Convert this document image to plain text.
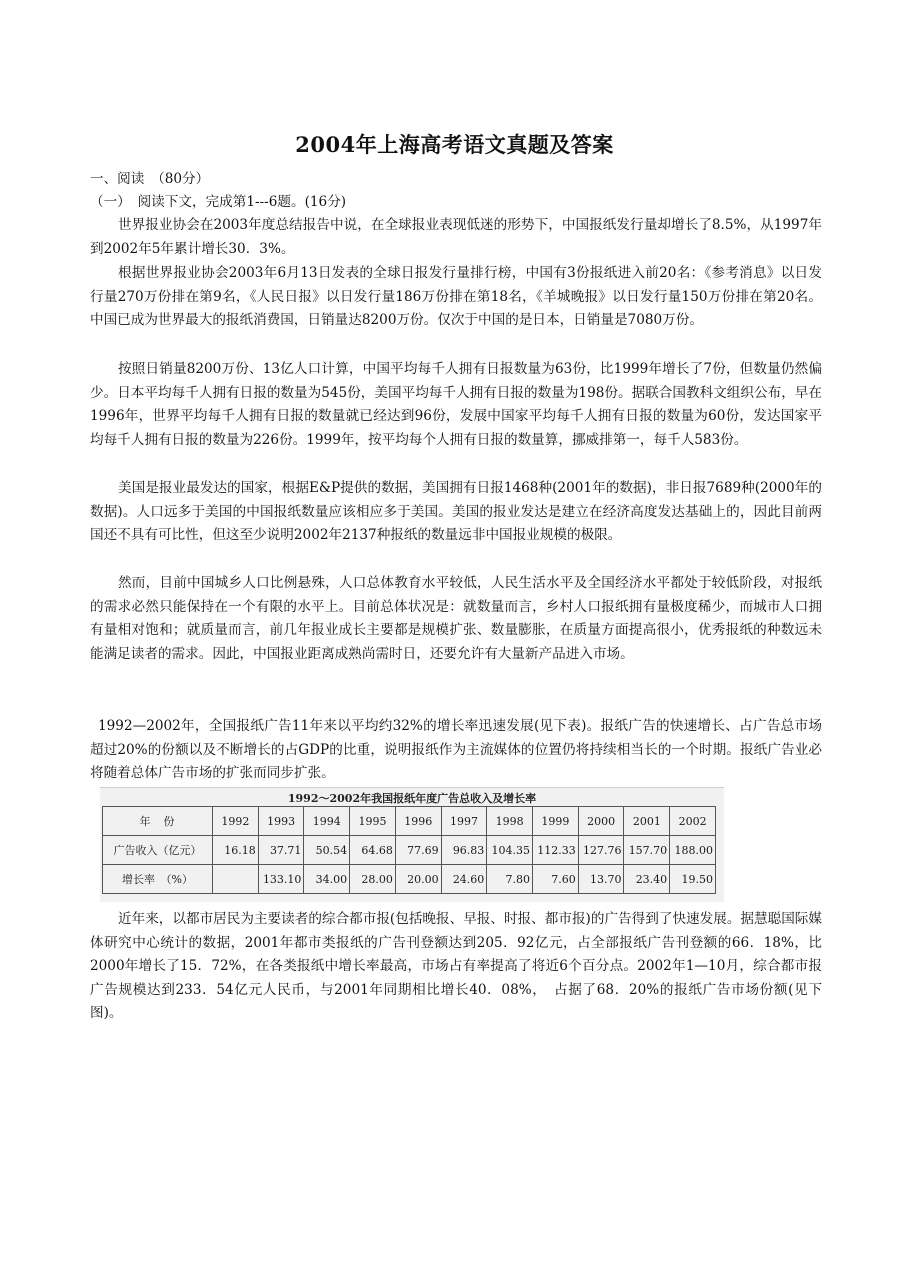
2004年上海高考语文真题及答案
一、阅读　（80分）
（一）　阅读下文，完成第1---6题。(16分)

世界报业协会在2003年度总结报告中说，在全球报业表现低迷的形势下，中国报纸发行量却增长了8.5%，从1997年到2002年5年累计增长30．3%。

根据世界报业协会2003年6月13日发表的全球日报发行量排行榜，中国有3份报纸进入前20名：《参考消息》以日发行量270万份排在第9名，《人民日报》以日发行量186万份排在第18名，《羊城晚报》以日发行量150万份排在第20名。中国已成为世界最大的报纸消费国，日销量达8200万份。仅次于中国的是日本，日销量是7080万份。

按照日销量8200万份、13亿人口计算，中国平均每千人拥有日报数量为63份，比1999年增长了7份，但数量仍然偏少。日本平均每千人拥有日报的数量为545份，美国平均每千人拥有日报的数量为198份。据联合国教科文组织公布，早在1996年，世界平均每千人拥有日报的数量就已经达到96份，发展中国家平均每千人拥有日报的数量为60份，发达国家平均每千人拥有日报的数量为226份。1999年，按平均每个人拥有日报的数量算，挪威排第一，每千人583份。

美国是报业最发达的国家，根据E&P提供的数据，美国拥有日报1468种(2001年的数据)，非日报7689种(2000年的数据)。人口远多于美国的中国报纸数量应该相应多于美国。美国的报业发达是建立在经济高度发达基础上的，因此目前两国还不具有可比性，但这至少说明2002年2137种报纸的数量远非中国报业规模的极限。

然而，目前中国城乡人口比例悬殊，人口总体教育水平较低，人民生活水平及全国经济水平都处于较低阶段，对报纸的需求必然只能保持在一个有限的水平上。目前总体状况是：就数量而言，乡村人口报纸拥有量极度稀少，而城市人口拥有量相对饱和；就质量而言，前几年报业成长主要都是规模扩张、数量膨胀，在质量方面提高很小，优秀报纸的种数远未能满足读者的需求。因此，中国报业距离成熟尚需时日，还要允许有大量新产品进入市场。

1992—2002年，全国报纸广告11年来以平均约32%的增长率迅速发展(见下表)。报纸广告的快速增长、占广告总市场超过20%的份额以及不断增长的占GDP的比重，说明报纸作为主流媒体的位置仍将持续相当长的一个时期。报纸广告业必将随着总体广告市场的扩张而同步扩张。

1992～2002年我国报纸年度广告总收入及增长率
年　份	1992	1993	1994	1995	1996	1997	1998	1999	2000	2001	2002
广告收入（亿元）	16.18	37.71	50.54	64.68	77.69	96.83	104.35	112.33	127.76	157.70	188.00
增长率　（%）		133.10	34.00	28.00	20.00	24.60	7.80	7.60	13.70	23.40	19.50

近年来，以都市居民为主要读者的综合都市报(包括晚报、早报、时报、都市报)的广告得到了快速发展。据慧聪国际媒体研究中心统计的数据，2001年都市类报纸的广告刊登额达到205．92亿元，占全部报纸广告刊登额的66．18%，比2000年增长了15．72%，在各类报纸中增长率最高，市场占有率提高了将近6个百分点。2002年1—10月，综合都市报广告规模达到233．54亿元人民币，与2001年同期相比增长40．08%，　占据了68．20%的报纸广告市场份额(见下图)。
